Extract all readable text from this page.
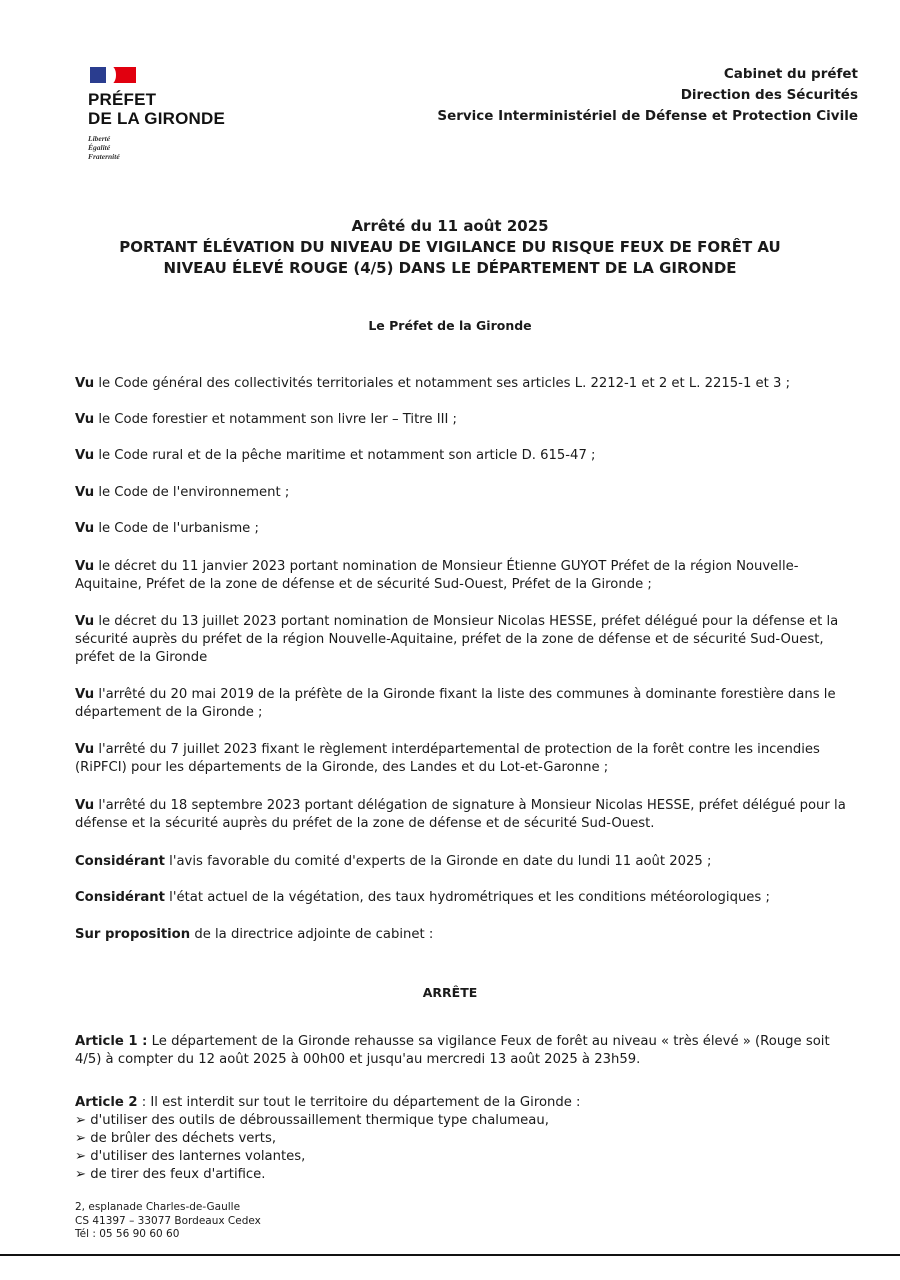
PRÉFET
DE LA GIRONDE
Liberté
Égalité
Fraternité
Cabinet du préfet
Direction des Sécurités
Service Interministériel de Défense et Protection Civile
Arrêté du 11 août 2025
PORTANT ÉLÉVATION DU NIVEAU DE VIGILANCE DU RISQUE FEUX DE FORÊT AU
NIVEAU ÉLEVÉ ROUGE (4/5) DANS LE DÉPARTEMENT DE LA GIRONDE
Le Préfet de la Gironde

Vu le Code général des collectivités territoriales et notamment ses articles L. 2212-1 et 2 et L. 2215-1 et 3 ;

Vu le Code forestier et notamment son livre Ier – Titre III ;

Vu le Code rural et de la pêche maritime et notamment son article D. 615-47 ;

Vu le Code de l'environnement ;

Vu le Code de l'urbanisme ;

Vu le décret du 11 janvier 2023 portant nomination de Monsieur Étienne GUYOT Préfet de la région Nouvelle-Aquitaine, Préfet de la zone de défense et de sécurité Sud-Ouest, Préfet de la Gironde ;

Vu le décret du 13 juillet 2023 portant nomination de Monsieur Nicolas HESSE, préfet délégué pour la défense et la sécurité auprès du préfet de la région Nouvelle-Aquitaine, préfet de la zone de défense et de sécurité Sud-Ouest, préfet de la Gironde

Vu l'arrêté du 20 mai 2019 de la préfète de la Gironde fixant la liste des communes à dominante forestière dans le département de la Gironde ;

Vu l'arrêté du 7 juillet 2023 fixant le règlement interdépartemental de protection de la forêt contre les incendies (RiPFCI) pour les départements de la Gironde, des Landes et du Lot-et-Garonne ;

Vu l'arrêté du 18 septembre 2023 portant délégation de signature à Monsieur Nicolas HESSE, préfet délégué pour la défense et la sécurité auprès du préfet de la zone de défense et de sécurité Sud-Ouest.

Considérant l'avis favorable du comité d'experts de la Gironde en date du lundi 11 août 2025 ;

Considérant l'état actuel de la végétation, des taux hydrométriques et les conditions météorologiques ;

Sur proposition de la directrice adjointe de cabinet :

ARRÊTE

Article 1 : Le département de la Gironde rehausse sa vigilance Feux de forêt au niveau « très élevé » (Rouge soit 4/5) à compter du 12 août 2025 à 00h00 et jusqu'au mercredi 13 août 2025 à 23h59.

Article 2 : Il est interdit sur tout le territoire du département de la Gironde :

➢ d'utiliser des outils de débroussaillement thermique type chalumeau,

➢ de brûler des déchets verts,

➢ d'utiliser des lanternes volantes,

➢ de tirer des feux d'artifice.

2, esplanade Charles-de-Gaulle
CS 41397 – 33077 Bordeaux Cedex
Tél : 05 56 90 60 60
